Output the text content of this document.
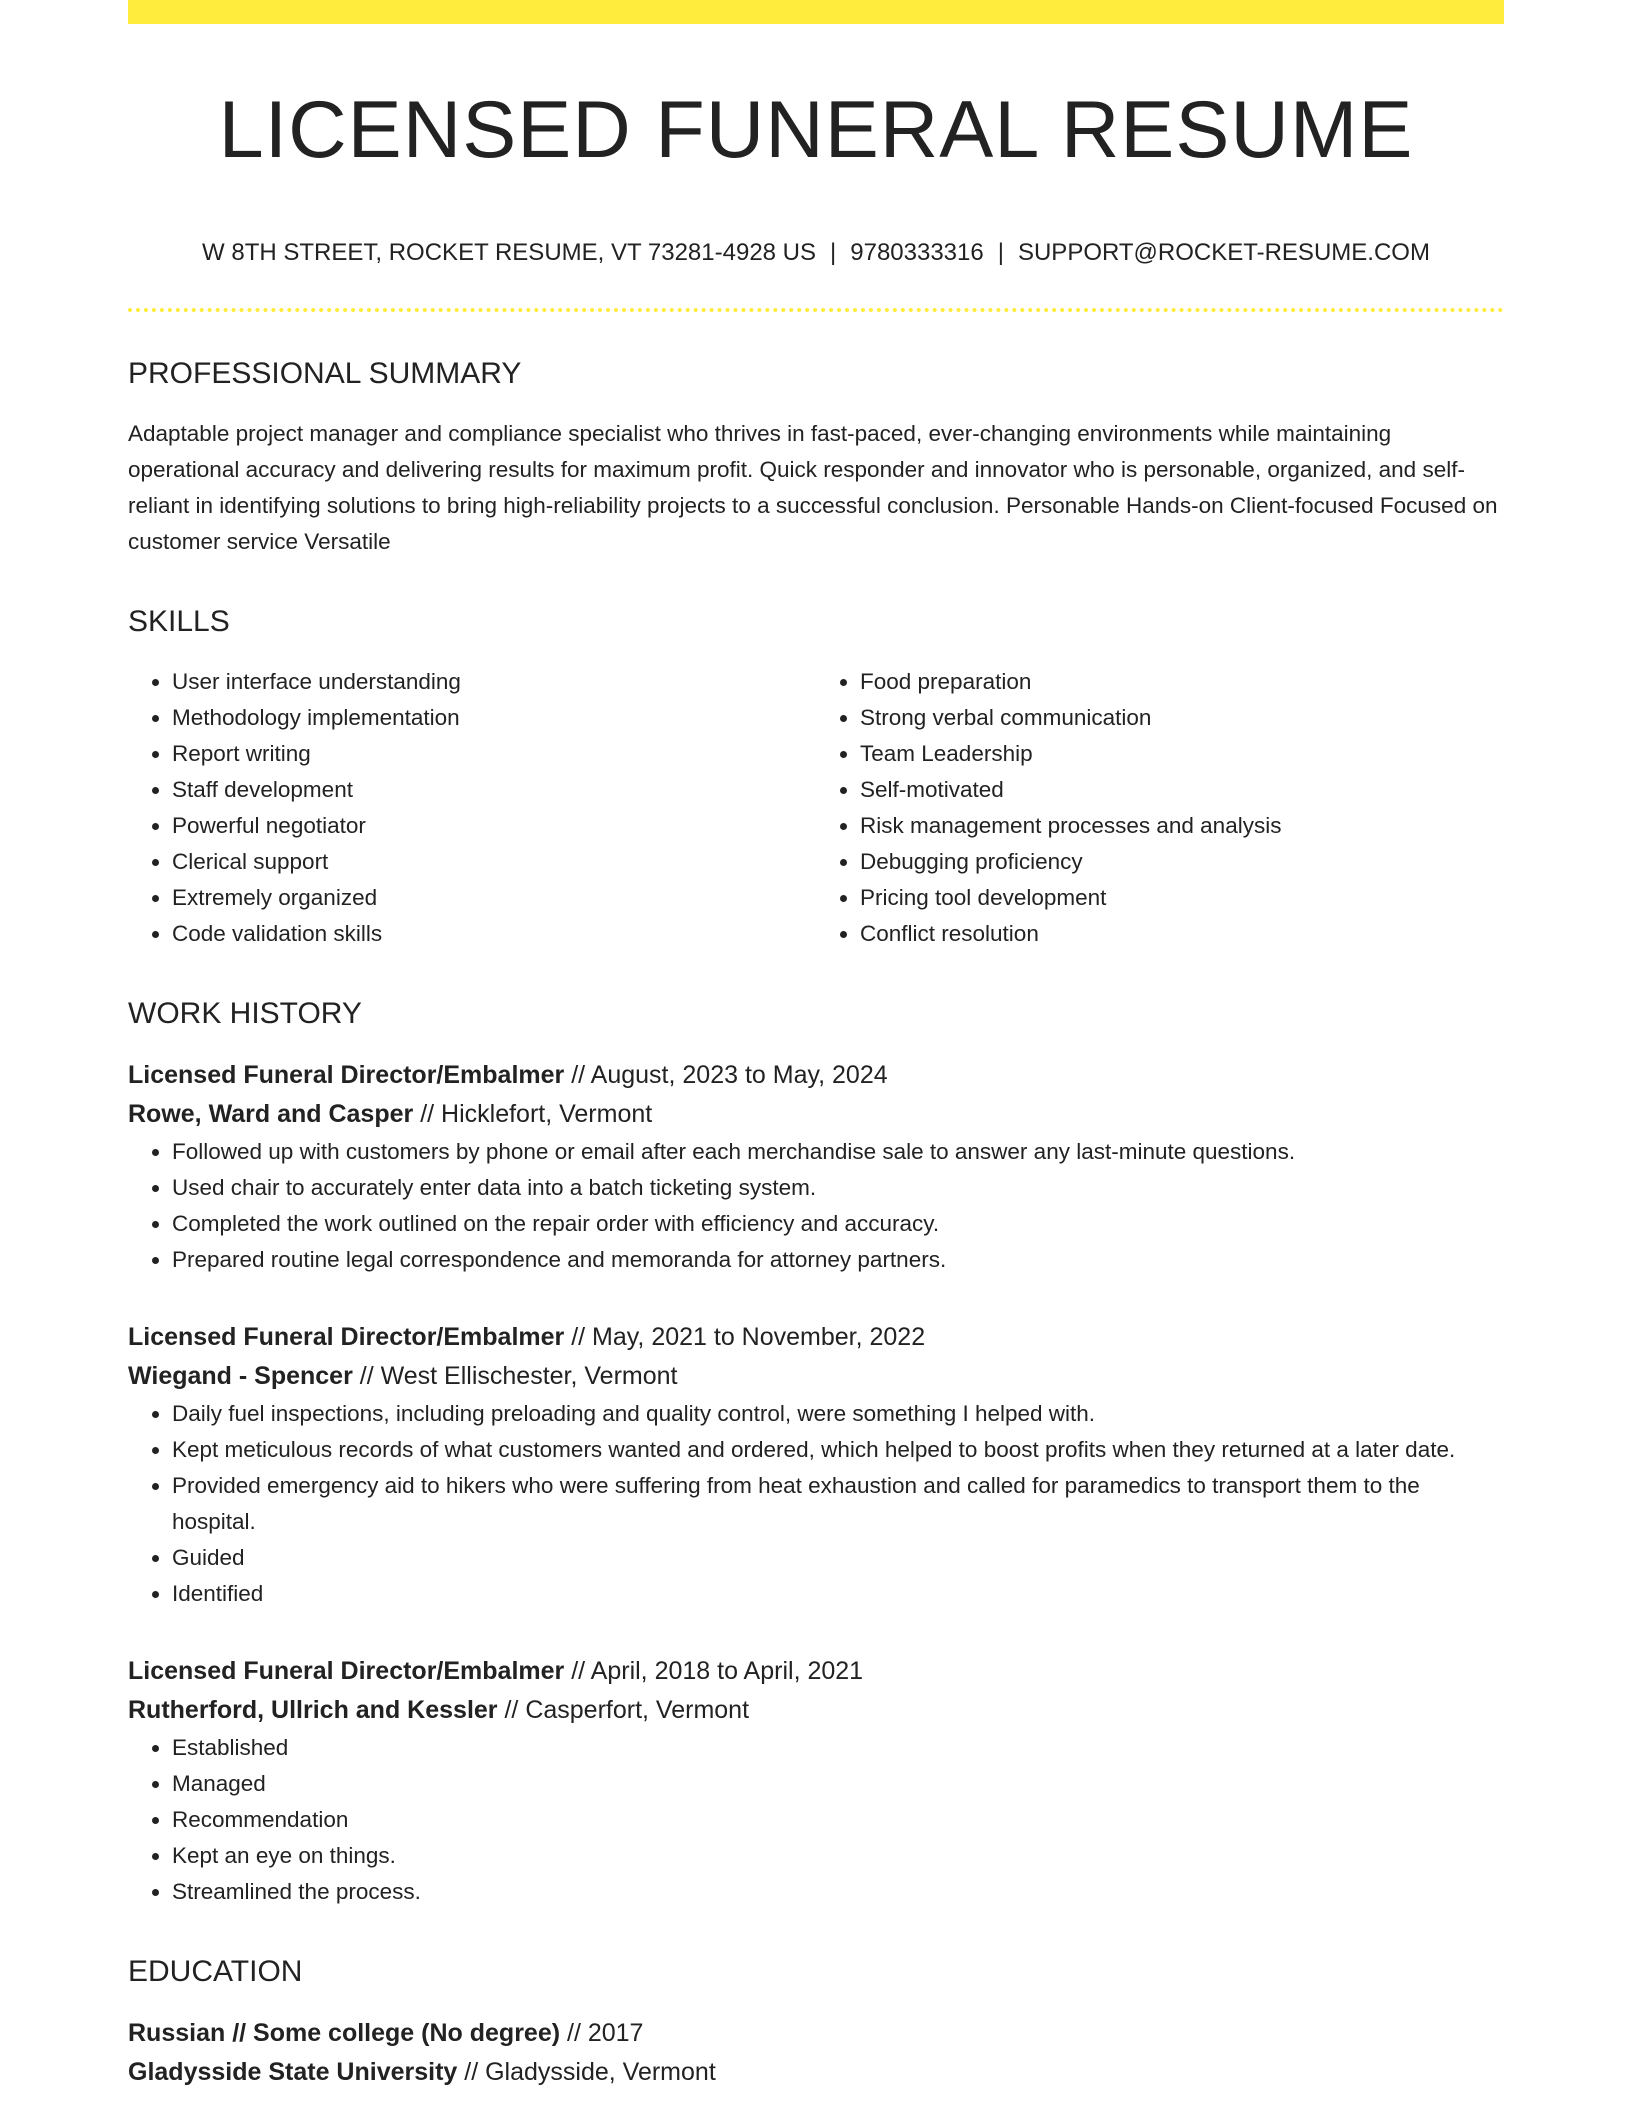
LICENSED FUNERAL RESUME
W 8TH STREET, ROCKET RESUME, VT 73281-4928 US | 9780333316 | SUPPORT@ROCKET-RESUME.COM
PROFESSIONAL SUMMARY

Adaptable project manager and compliance specialist who thrives in fast-paced, ever-changing environments while maintaining operational accuracy and delivering results for maximum profit. Quick responder and innovator who is personable, organized, and self-reliant in identifying solutions to bring high-reliability projects to a successful conclusion. Personable Hands-on Client-focused Focused on customer service Versatile

SKILLS
• User interface understanding
• Methodology implementation
• Report writing
• Staff development
• Powerful negotiator
• Clerical support
• Extremely organized
• Code validation skills
• Food preparation
• Strong verbal communication
• Team Leadership
• Self-motivated
• Risk management processes and analysis
• Debugging proficiency
• Pricing tool development
• Conflict resolution
WORK HISTORY
Licensed Funeral Director/Embalmer // August, 2023 to May, 2024
Rowe, Ward and Casper // Hicklefort, Vermont
• Followed up with customers by phone or email after each merchandise sale to answer any last-minute questions.
• Used chair to accurately enter data into a batch ticketing system.
• Completed the work outlined on the repair order with efficiency and accuracy.
• Prepared routine legal correspondence and memoranda for attorney partners.
Licensed Funeral Director/Embalmer // May, 2021 to November, 2022
Wiegand - Spencer // West Ellischester, Vermont
• Daily fuel inspections, including preloading and quality control, were something I helped with.
• Kept meticulous records of what customers wanted and ordered, which helped to boost profits when they returned at a later date.
• Provided emergency aid to hikers who were suffering from heat exhaustion and called for paramedics to transport them to the hospital.
• Guided
• Identified
Licensed Funeral Director/Embalmer // April, 2018 to April, 2021
Rutherford, Ullrich and Kessler // Casperfort, Vermont
• Established
• Managed
• Recommendation
• Kept an eye on things.
• Streamlined the process.
EDUCATION
Russian // Some college (No degree) // 2017
Gladysside State University // Gladysside, Vermont
